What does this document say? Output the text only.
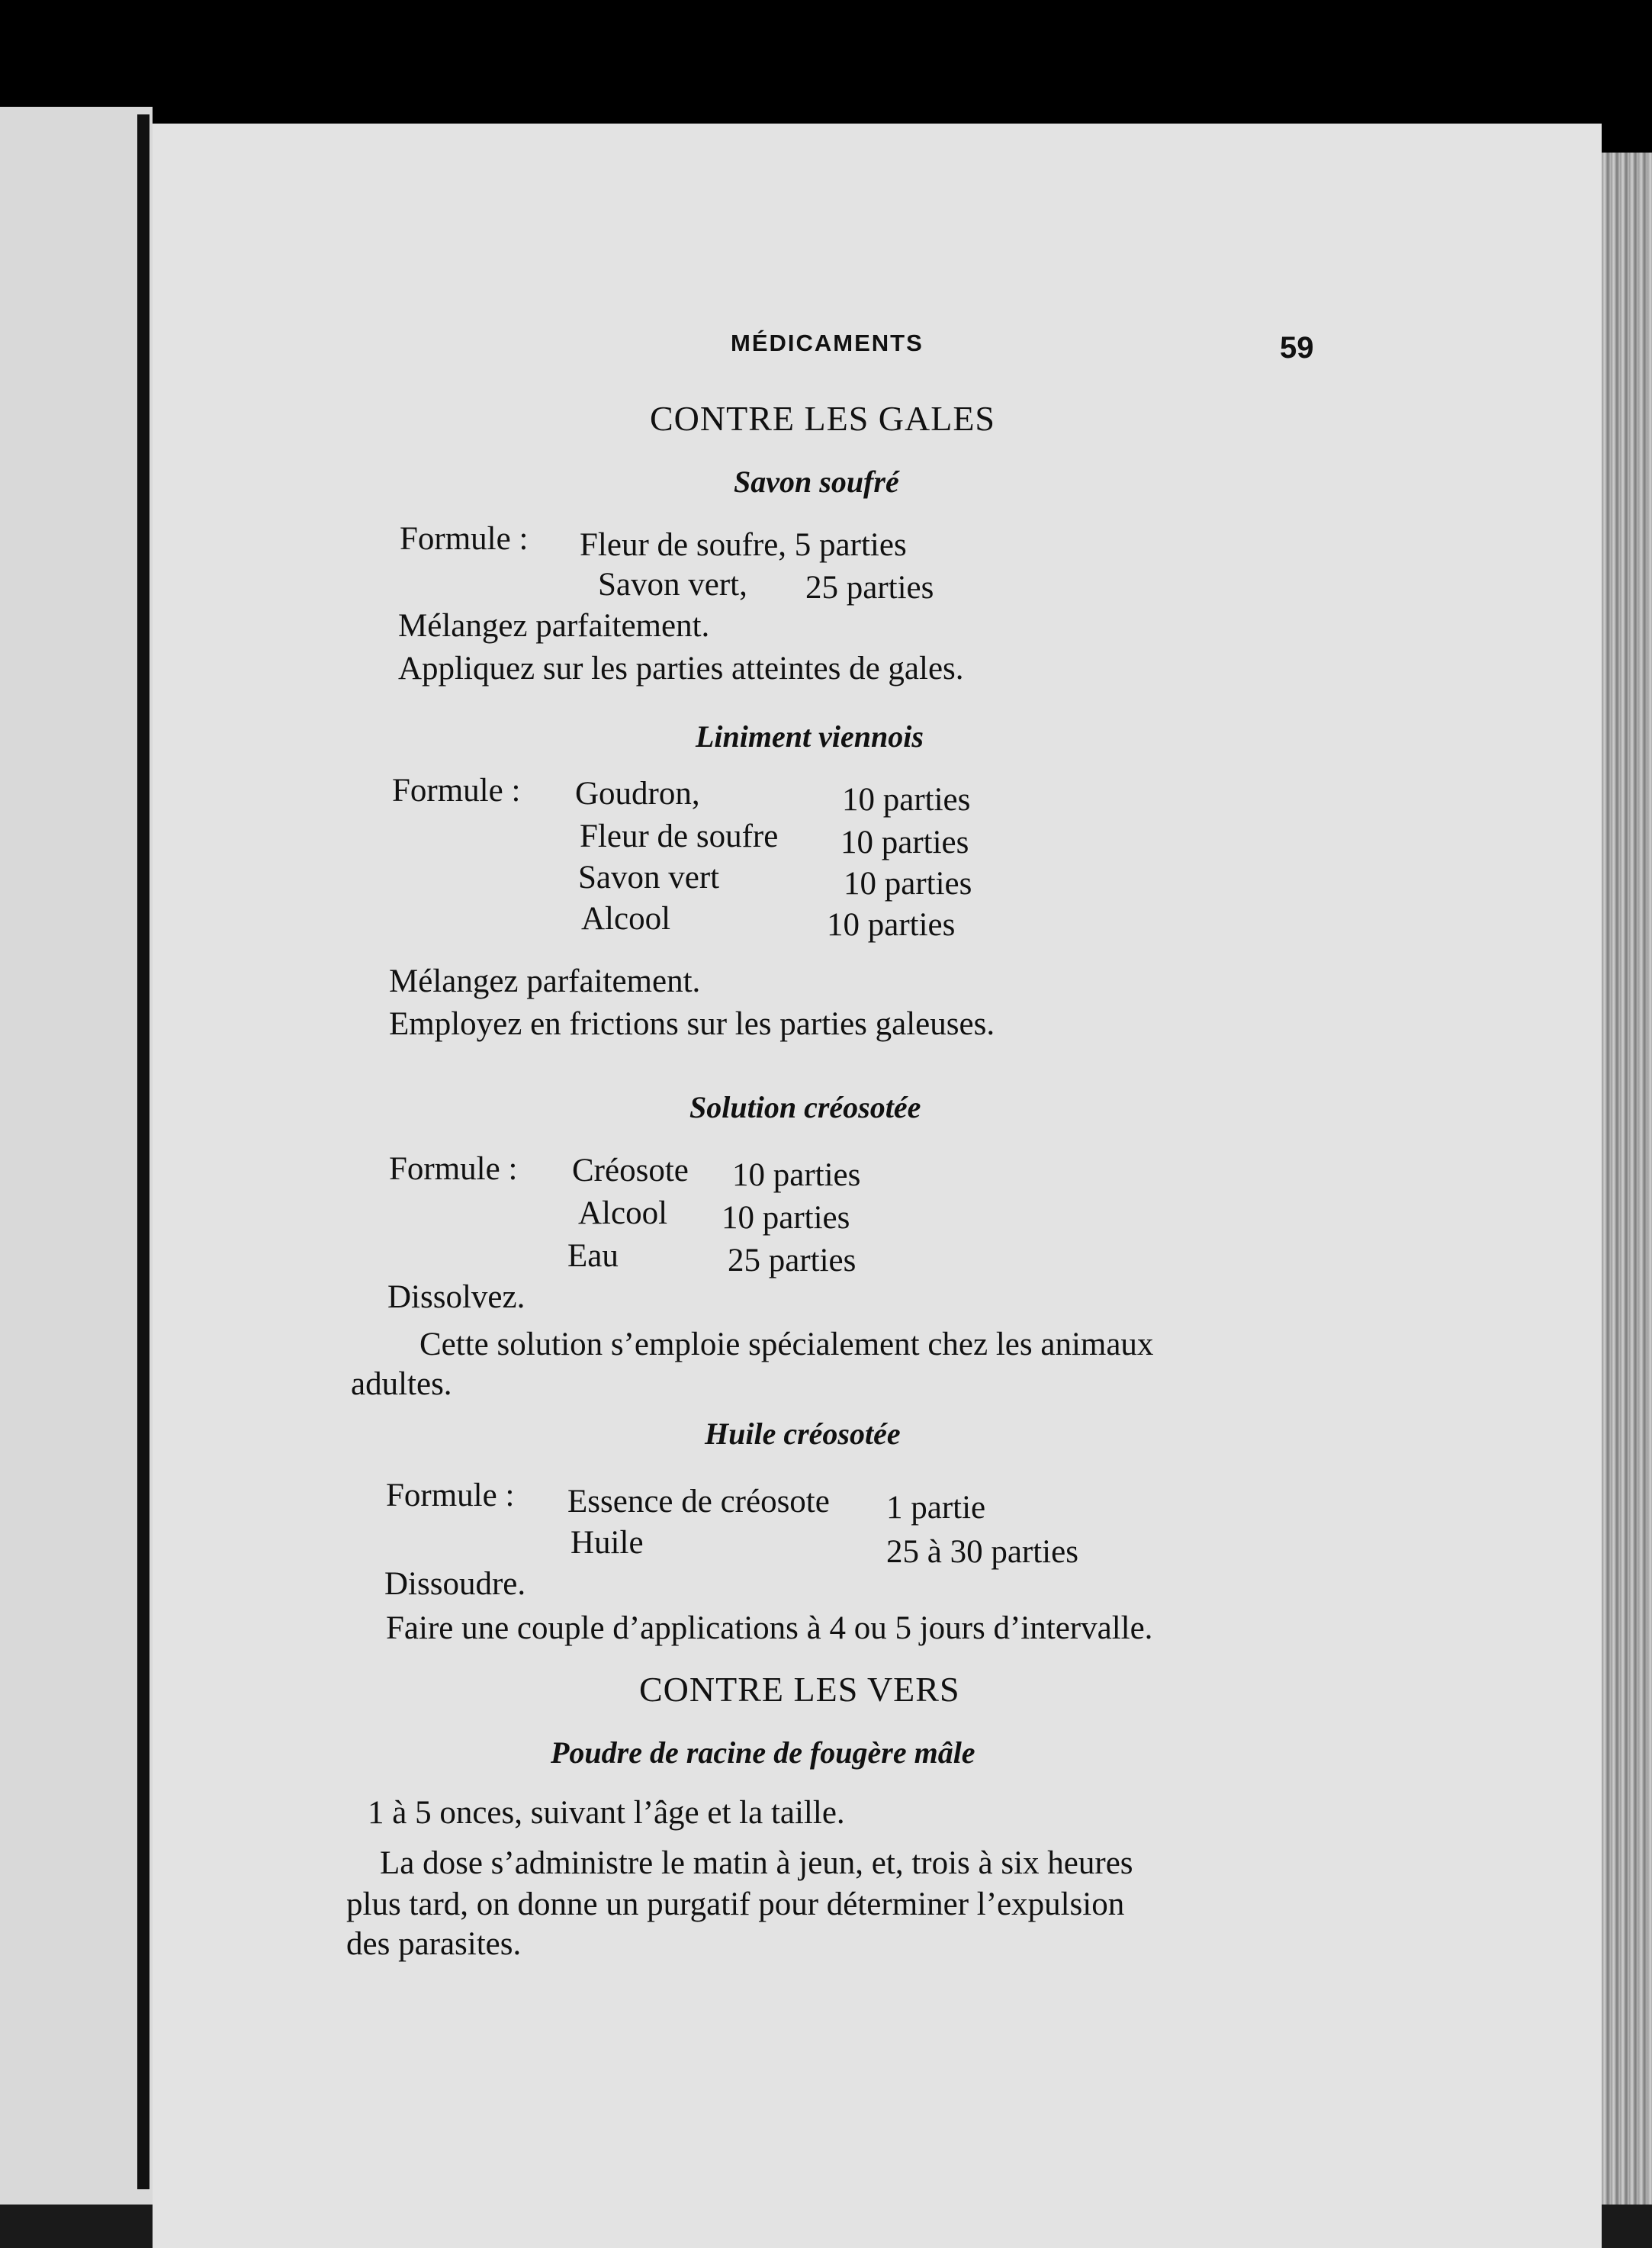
MÉDICAMENTS	59
CONTRE LES GALES
Savon soufré
Formule : Fleur de soufre, 5 parties
Savon vert, 25 parties
Mélangez parfaitement.
Appliquez sur les parties atteintes de gales.
Liniment viennois
Formule : Goudron,	10 parties
Fleur de soufre 10 parties
Savon vert	10 parties
Alcool	10 parties
Mélangez parfaitement.
Employez en frictions sur les parties galeuses.
Solution créosotée
Formule : Créosote 10 parties
Alcool 10 parties
Eau	25 parties
Dissolvez.
Cette solution s’emploie spécialement chez les animaux
adultes.
Huile créosotée
Formule : Essence de créosote 1 partie
Huile	25 à 30 parties
Dissoudre.
Faire une couple d’applications à 4 ou 5 jours d’intervalle.
CONTRE LES VERS
Poudre de racine de fougère mâle
1 à 5 onces, suivant l’âge et la taille.
La dose s’administre le matin à jeun, et, trois à six heures
plus tard, on donne un purgatif pour déterminer l’expulsion
des parasites.
